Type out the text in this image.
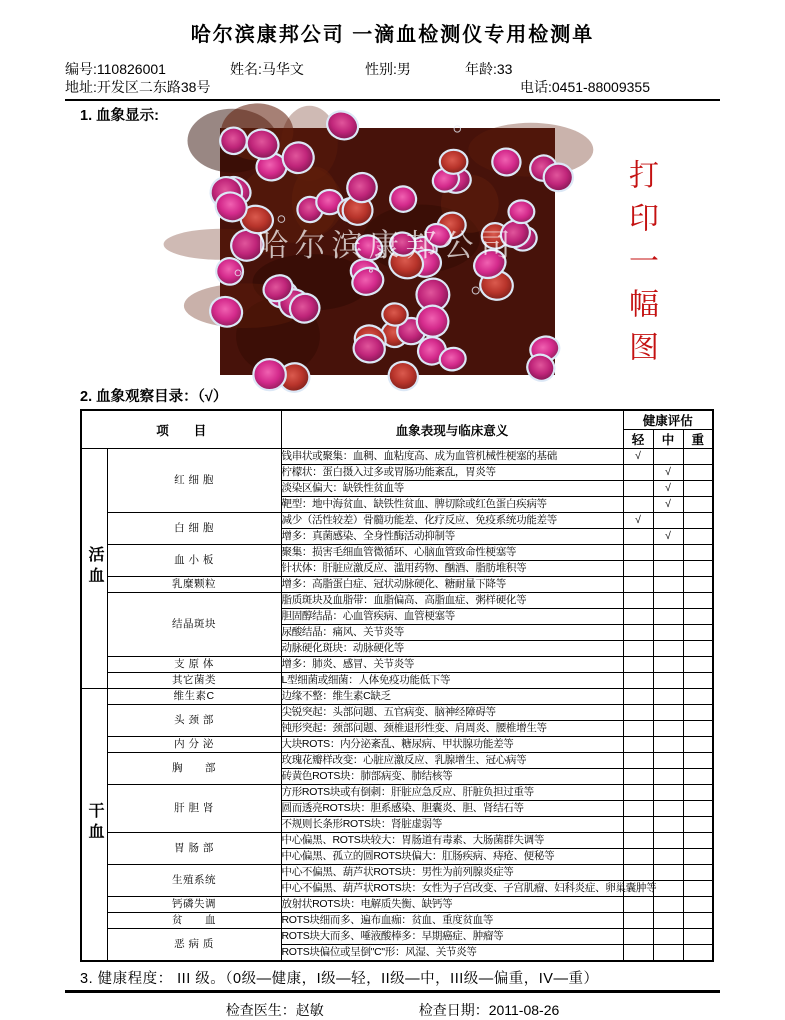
哈尔滨康邦公司 一滴血检测仪专用检测单
编号:110826001	姓名:马华文	性别:男	年龄:33
地址:开发区二东路38号	电话:0451-88009355
1. 血象显示:
哈尔滨康邦公司	打印一幅图
2. 血象观察目录：（√）
项　　目		血象表现与临床意义	健康评估		
			轻	中	重
活血	红 细 胞	钱串状或聚集：血稠、血粘度高、成为血管机械性梗塞的基础	√		
		柠檬状：蛋白摄入过多或胃肠功能紊乱，胃炎等		√	
		淡染区偏大：缺铁性贫血等		√	
		靶型：地中海贫血、缺铁性贫血、脾切除或红色蛋白疾病等		√	
	白 细 胞	减少（活性较差）骨髓功能差、化疗反应、免疫系统功能差等	√		
		增多：真菌感染、全身性酶活动抑制等		√	
	血 小 板	聚集：损害毛细血管微循环、心脑血管致命性梗塞等			
		针状体：肝脏应激反应、滥用药物、酗酒、脂肪堆积等			
	乳糜颗粒	增多：高脂蛋白症、冠状动脉硬化、糖耐量下降等			
	结晶斑块	脂质斑块及血脂带：血脂偏高、高脂血症、粥样硬化等			
		胆固醇结晶：心血管疾病、血管梗塞等			
		尿酸结晶：痛风、关节炎等			
		动脉硬化斑块：动脉硬化等			
	支 原 体	增多：肺炎、感冒、关节炎等			
	其它菌类	L型细菌或细菌：人体免疫功能低下等			
干血	维生素C	边缘不整：维生素C缺乏			
	头 颈 部	尖锐突起：头部问题、五官病变、脑神经障碍等			
		钝形突起：颈部问题、颈椎退形性变、肩周炎、腰椎增生等			
	内 分 泌	大块ROTS：内分泌紊乱、糖尿病、甲状腺功能差等			
	胸　　部	玫瑰花瓣样改变：心脏应激反应、乳腺增生、冠心病等			
		砖黄色ROTS块：肺部病变、肺结核等			
	肝 胆 肾	方形ROTS块或有倒刺：肝脏应急反应、肝脏负担过重等			
		圆而透亮ROTS块：胆系感染、胆囊炎、胆、肾结石等			
		不规则长条形ROTS块：肾脏虚弱等			
	胃 肠 部	中心偏黑、ROTS块较大：胃肠道有毒素、大肠菌群失调等			
		中心偏黑、孤立的圆ROTS块偏大：肛肠疾病、痔疮、便秘等			
	生殖系统	中心不偏黑、葫芦状ROTS块：男性为前列腺炎症等			
		中心不偏黑、葫芦状ROTS块：女性为子宫改变、子宫肌瘤、妇科炎症、卵巢囊肿等			
	钙磷失调	放射状ROTS块：电解质失衡、缺钙等			
	贫　　血	ROTS块细而多、遍布血痂：贫血、重度贫血等			
	恶 病 质	ROTS块大而多、唾液酸棒多：早期癌症、肿瘤等			
		ROTS块偏位或呈倒"C"形：风湿、关节炎等			
3. 健康程度： III 级。（0级—健康，I级—轻，II级—中，III级—偏重，IV—重）
检查医生：赵敏	检查日期：2011-08-26
